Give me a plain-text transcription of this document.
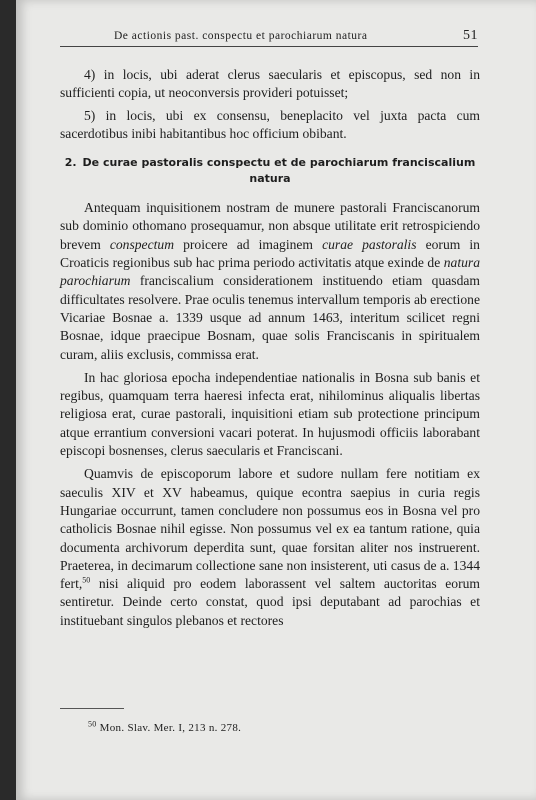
De actionis past. conspectu et parochiarum natura	51

4) in locis, ubi aderat clerus saecularis et episcopus, sed non in sufficienti copia, ut neoconversis provideri potuisset;

5) in locis, ubi ex consensu, beneplacito vel juxta pacta cum sacerdotibus inibi habitantibus hoc officium obibant.

2. De curae pastoralis conspectu et de parochiarum franciscalium natura

Antequam inquisitionem nostram de munere pastorali Franciscanorum sub dominio othomano prosequamur, non absque utilitate erit retrospiciendo brevem conspectum proicere ad imaginem curae pastoralis eorum in Croaticis regionibus sub hac prima periodo activitatis atque exinde de natura parochiarum franciscalium considerationem instituendo etiam quasdam difficultates resolvere. Prae oculis tenemus intervallum temporis ab erectione Vicariae Bosnae a. 1339 usque ad annum 1463, interitum scilicet regni Bosnae, idque praecipue Bosnam, quae solis Franciscanis in spiritualem curam, aliis exclusis, commissa erat.

In hac gloriosa epocha independentiae nationalis in Bosna sub banis et regibus, quamquam terra haeresi infecta erat, nihilominus aliqualis libertas religiosa erat, curae pastorali, inquisitioni etiam sub protectione principum atque errantium conversioni vacari poterat. In hujusmodi officiis laborabant episcopi bosnenses, clerus saecularis et Franciscani.

Quamvis de episcoporum labore et sudore nullam fere notitiam ex saeculis XIV et XV habeamus, quique econtra saepius in curia regis Hungariae occurrunt, tamen concludere non possumus eos in Bosna vel pro catholicis Bosnae nihil egisse. Non possumus vel ex ea tantum ratione, quia documenta archivorum deperdita sunt, quae forsitan aliter nos instruerent. Praeterea, in decimarum collectione sane non insisterent, uti casus de a. 1344 fert,$^{50}$ nisi aliquid pro eodem laborassent vel saltem auctoritas eorum sentiretur. Deinde certo constat, quod ipsi deputabant ad parochias et instituebant singulos plebanos et rectores

$^{50}$ Mon. Slav. Mer. I, 213 n. 278.
